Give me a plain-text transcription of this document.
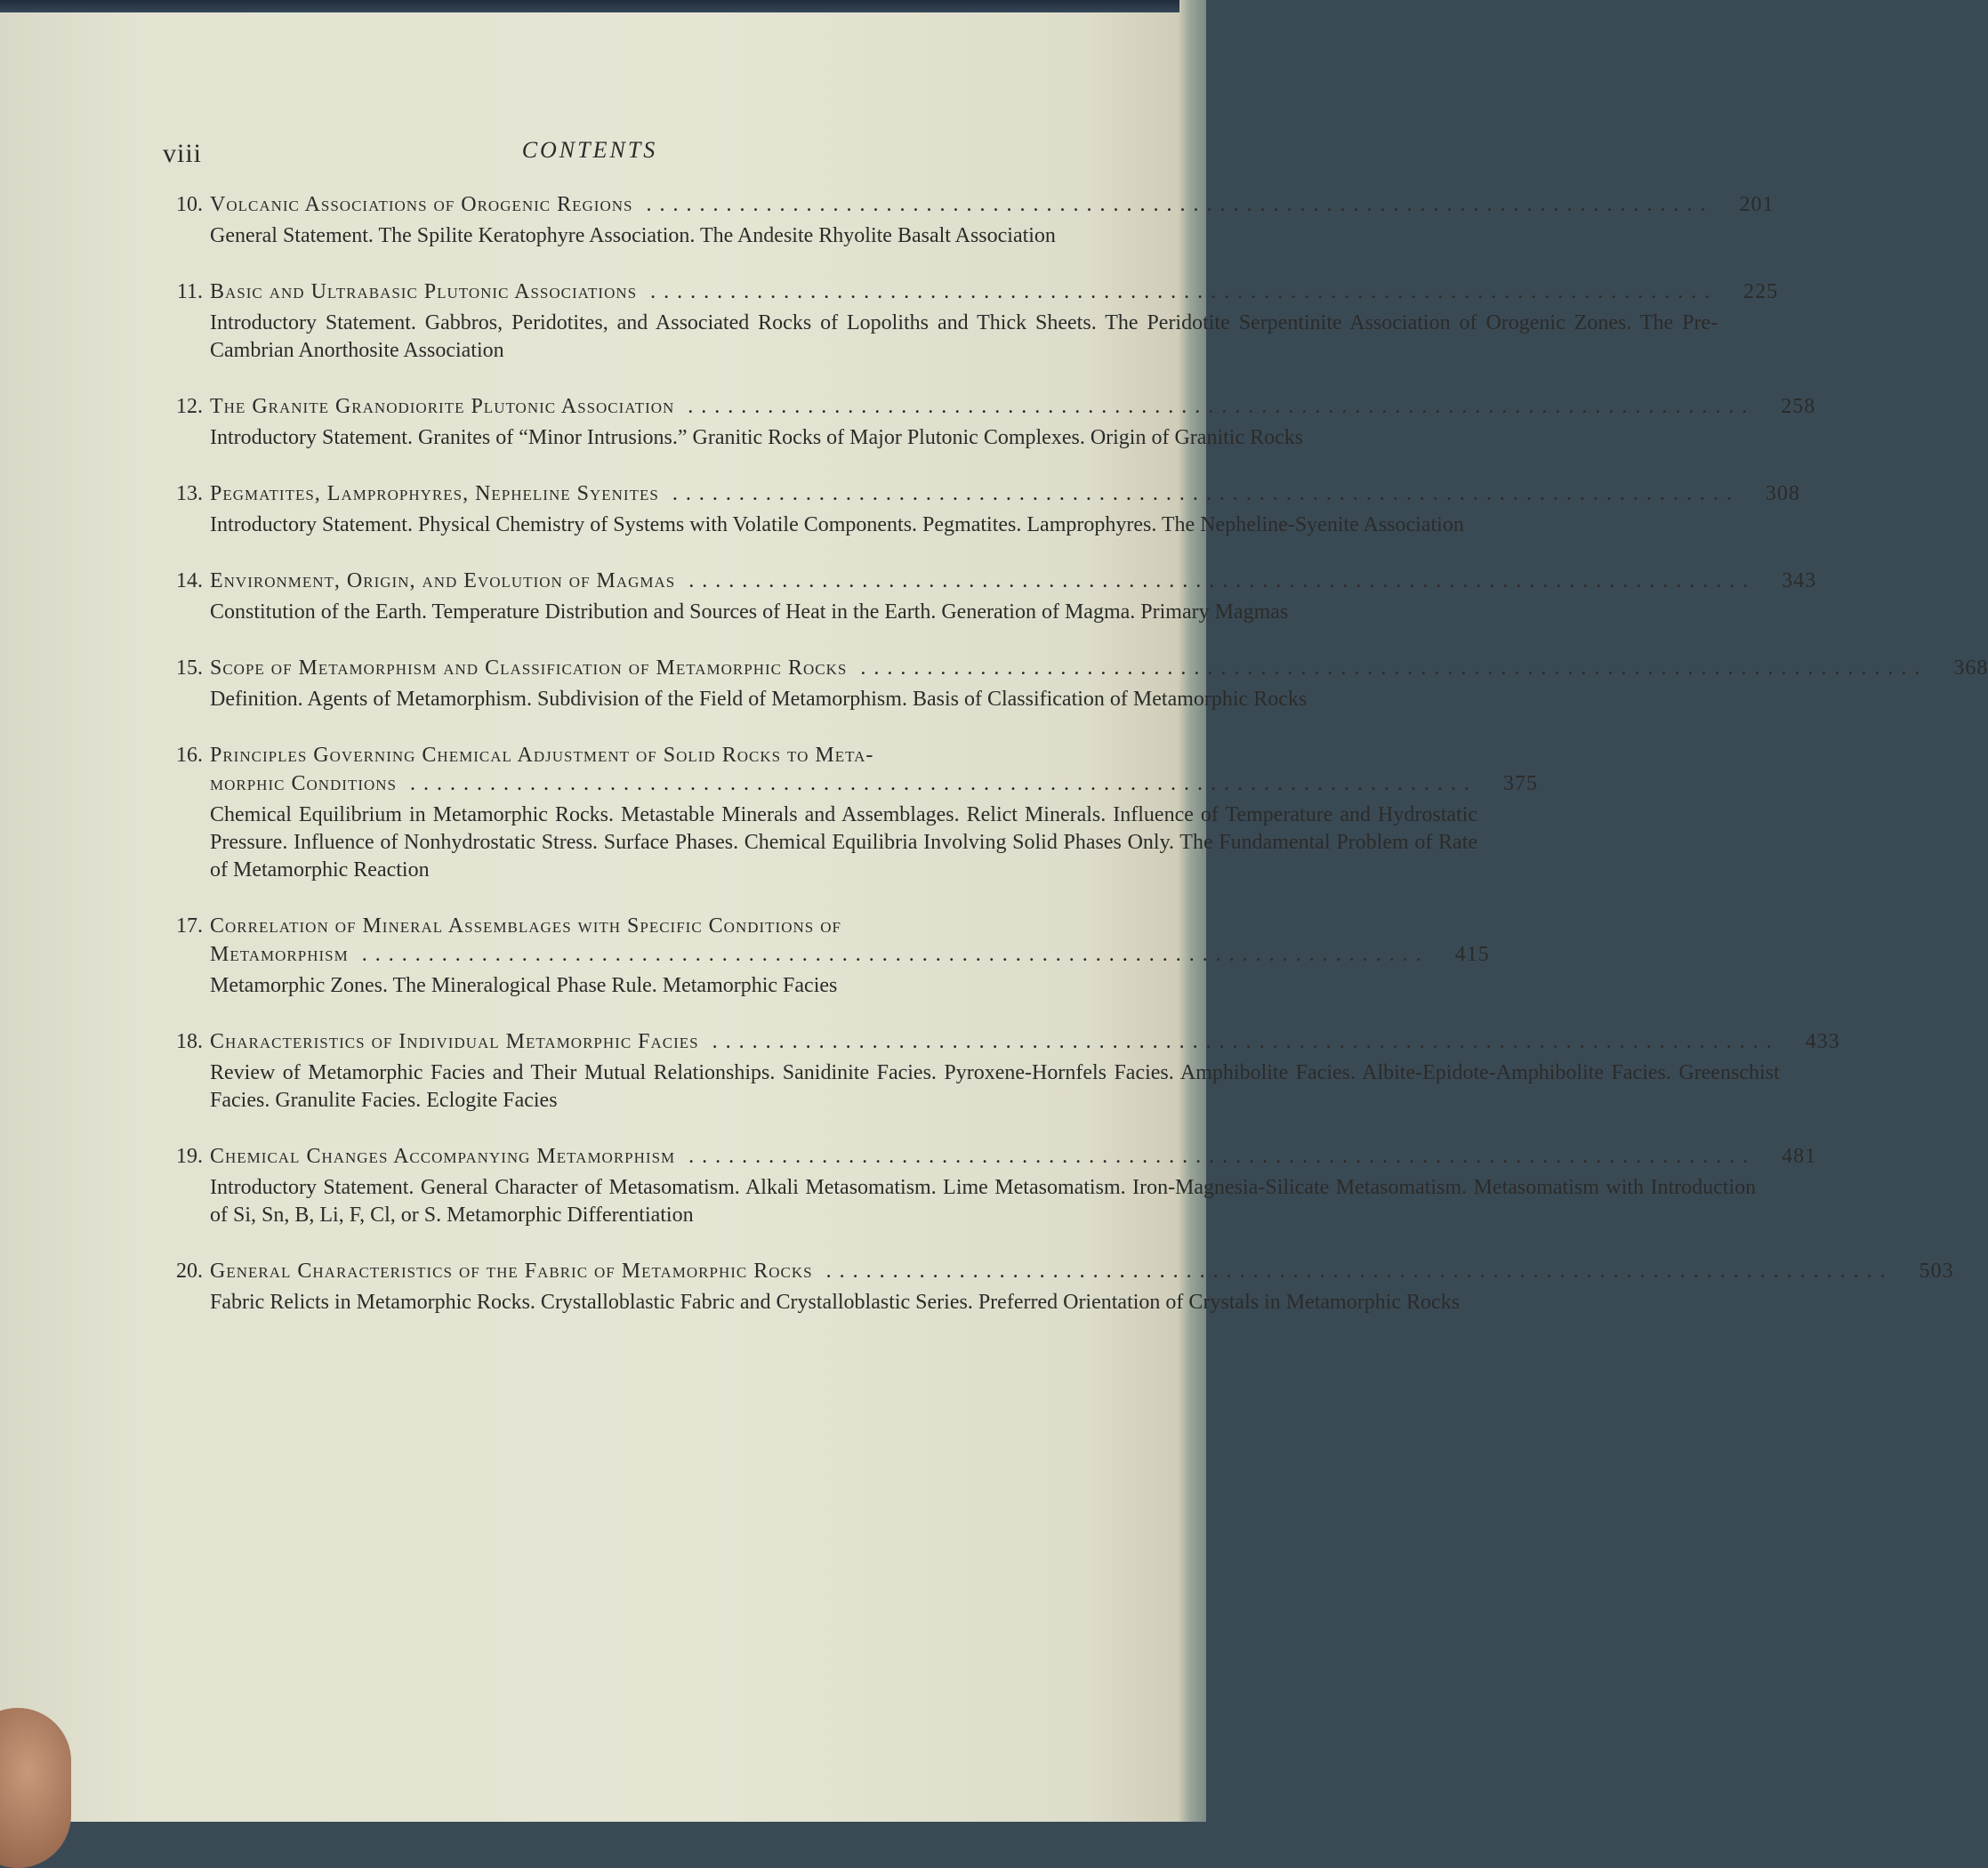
viii	CONTENTS
10. Volcanic Associations of Orogenic Regions ................................................................................	201
General Statement. The Spilite Keratophyre Association. The Andesite Rhyolite Basalt Association
11. Basic and Ultrabasic Plutonic Associations ................................................................................	225
Introductory Statement. Gabbros, Peridotites, and Associated Rocks of Lopoliths and Thick Sheets. The Peridotite Serpentinite Association of Orogenic Zones. The Pre-Cambrian Anorthosite Association
12. The Granite Granodiorite Plutonic Association ................................................................................	258
Introductory Statement. Granites of “Minor Intrusions.” Granitic Rocks of Major Plutonic Complexes. Origin of Granitic Rocks
13. Pegmatites, Lamprophyres, Nepheline Syenites ................................................................................	308
Introductory Statement. Physical Chemistry of Systems with Volatile Components. Pegmatites. Lamprophyres. The Nepheline-Syenite Association
14. Environment, Origin, and Evolution of Magmas ................................................................................	343
Constitution of the Earth. Temperature Distribution and Sources of Heat in the Earth. Generation of Magma. Primary Magmas
15. Scope of Metamorphism and Classification of Metamorphic Rocks ................................................................................	368
Definition. Agents of Metamorphism. Subdivision of the Field of Metamorphism. Basis of Classification of Metamorphic Rocks
16. Principles Governing Chemical Adjustment of Solid Rocks to Meta-
morphic Conditions ................................................................................	375
Chemical Equilibrium in Metamorphic Rocks. Metastable Minerals and Assemblages. Relict Minerals. Influence of Temperature and Hydrostatic Pressure. Influence of Nonhydrostatic Stress. Surface Phases. Chemical Equilibria Involving Solid Phases Only. The Fundamental Problem of Rate of Metamorphic Reaction
17. Correlation of Mineral Assemblages with Specific Conditions of
Metamorphism ................................................................................	415
Metamorphic Zones. The Mineralogical Phase Rule. Metamorphic Facies
18. Characteristics of Individual Metamorphic Facies ................................................................................	433
Review of Metamorphic Facies and Their Mutual Relationships. Sanidinite Facies. Pyroxene-Hornfels Facies. Amphibolite Facies. Albite-Epidote-Amphibolite Facies. Greenschist Facies. Granulite Facies. Eclogite Facies
19. Chemical Changes Accompanying Metamorphism ................................................................................	481
Introductory Statement. General Character of Metasomatism. Alkali Metasomatism. Lime Metasomatism. Iron-Magnesia-Silicate Metasomatism. Metasomatism with Introduction of Si, Sn, B, Li, F, Cl, or S. Metamorphic Differentiation
20. General Characteristics of the Fabric of Metamorphic Rocks ................................................................................	503
Fabric Relicts in Metamorphic Rocks. Crystalloblastic Fabric and Crystalloblastic Series. Preferred Orientation of Crystals in Metamorphic Rocks
